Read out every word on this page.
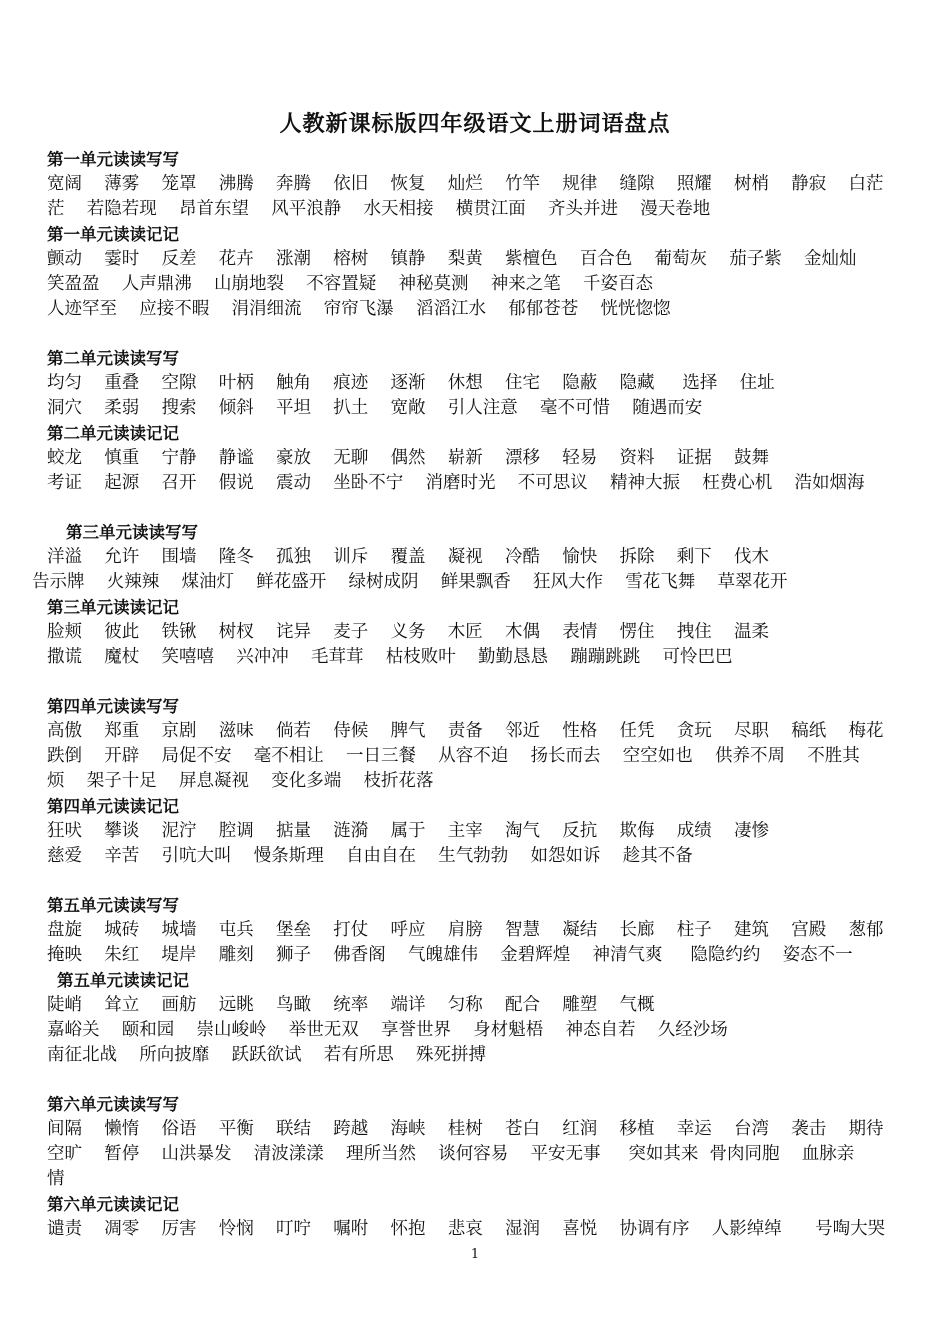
人教新课标版四年级语文上册词语盘点
第一单元读读写写
宽阔    薄雾    笼罩    沸腾    奔腾    依旧    恢复    灿烂    竹竿    规律    缝隙    照耀    树梢    静寂    白茫
茫    若隐若现    昂首东望    风平浪静    水天相接    横贯江面    齐头并进    漫天卷地
第一单元读读记记
颤动    霎时    反差    花卉    涨潮    榕树    镇静    梨黄    紫檀色    百合色    葡萄灰    茄子紫    金灿灿
笑盈盈    人声鼎沸    山崩地裂    不容置疑    神秘莫测    神来之笔    千姿百态
人迹罕至    应接不暇    涓涓细流    帘帘飞瀑    滔滔江水    郁郁苍苍    恍恍惚惚
第二单元读读写写
均匀    重叠    空隙    叶柄    触角    痕迹    逐渐    休想    住宅    隐蔽    隐藏     选择    住址
洞穴    柔弱    搜索    倾斜    平坦    扒土    宽敞    引人注意    毫不可惜    随遇而安
第二单元读读记记
蛟龙    慎重    宁静    静谧    豪放    无聊    偶然    崭新    漂移    轻易    资料    证据    鼓舞
考证    起源    召开    假说    震动    坐卧不宁    消磨时光    不可思议    精神大振    枉费心机    浩如烟海
第三单元读读写写
洋溢    允许    围墙    隆冬    孤独    训斥    覆盖    凝视    冷酷    愉快    拆除    剩下    伐木
告示牌    火辣辣    煤油灯    鲜花盛开    绿树成阴    鲜果飘香    狂风大作    雪花飞舞    草翠花开
第三单元读读记记
脸颊    彼此    铁锹    树杈    诧异    麦子    义务    木匠    木偶    表情    愣住    拽住    温柔
撒谎    魔杖    笑嘻嘻    兴冲冲    毛茸茸    枯枝败叶    勤勤恳恳    蹦蹦跳跳    可怜巴巴
第四单元读读写写
高傲    郑重    京剧    滋味    倘若    侍候    脾气    责备    邻近    性格    任凭    贪玩    尽职    稿纸    梅花
跌倒    开辟    局促不安    毫不相让    一日三餐    从容不迫    扬长而去    空空如也    供养不周    不胜其
烦    架子十足    屏息凝视    变化多端    枝折花落
第四单元读读记记
狂吠    攀谈    泥泞    腔调    掂量    涟漪    属于    主宰    淘气    反抗    欺侮    成绩    凄惨
慈爱    辛苦    引吭大叫    慢条斯理    自由自在    生气勃勃    如怨如诉    趁其不备
第五单元读读写写
盘旋    城砖    城墙    屯兵    堡垒    打仗    呼应    肩膀    智慧    凝结    长廊    柱子    建筑    宫殿    葱郁
掩映    朱红    堤岸    雕刻    狮子    佛香阁    气魄雄伟    金碧辉煌    神清气爽     隐隐约约    姿态不一
第五单元读读记记
陡峭    耸立    画舫    远眺    鸟瞰    统率    端详    匀称    配合    雕塑    气概
嘉峪关    颐和园    崇山峻岭    举世无双    享誉世界    身材魁梧    神态自若    久经沙场
南征北战    所向披靡    跃跃欲试    若有所思    殊死拼搏
第六单元读读写写
间隔    懒惰    俗语    平衡    联结    跨越    海峡    桂树    苍白    红润    移植    幸运    台湾    袭击    期待
空旷    暂停    山洪暴发    清波漾漾    理所当然    谈何容易    平安无事     突如其来  骨肉同胞    血脉亲
情
第六单元读读记记
谴责    凋零    厉害    怜悯    叮咛    嘱咐    怀抱    悲哀    湿润    喜悦    协调有序    人影绰绰      号啕大哭
1
